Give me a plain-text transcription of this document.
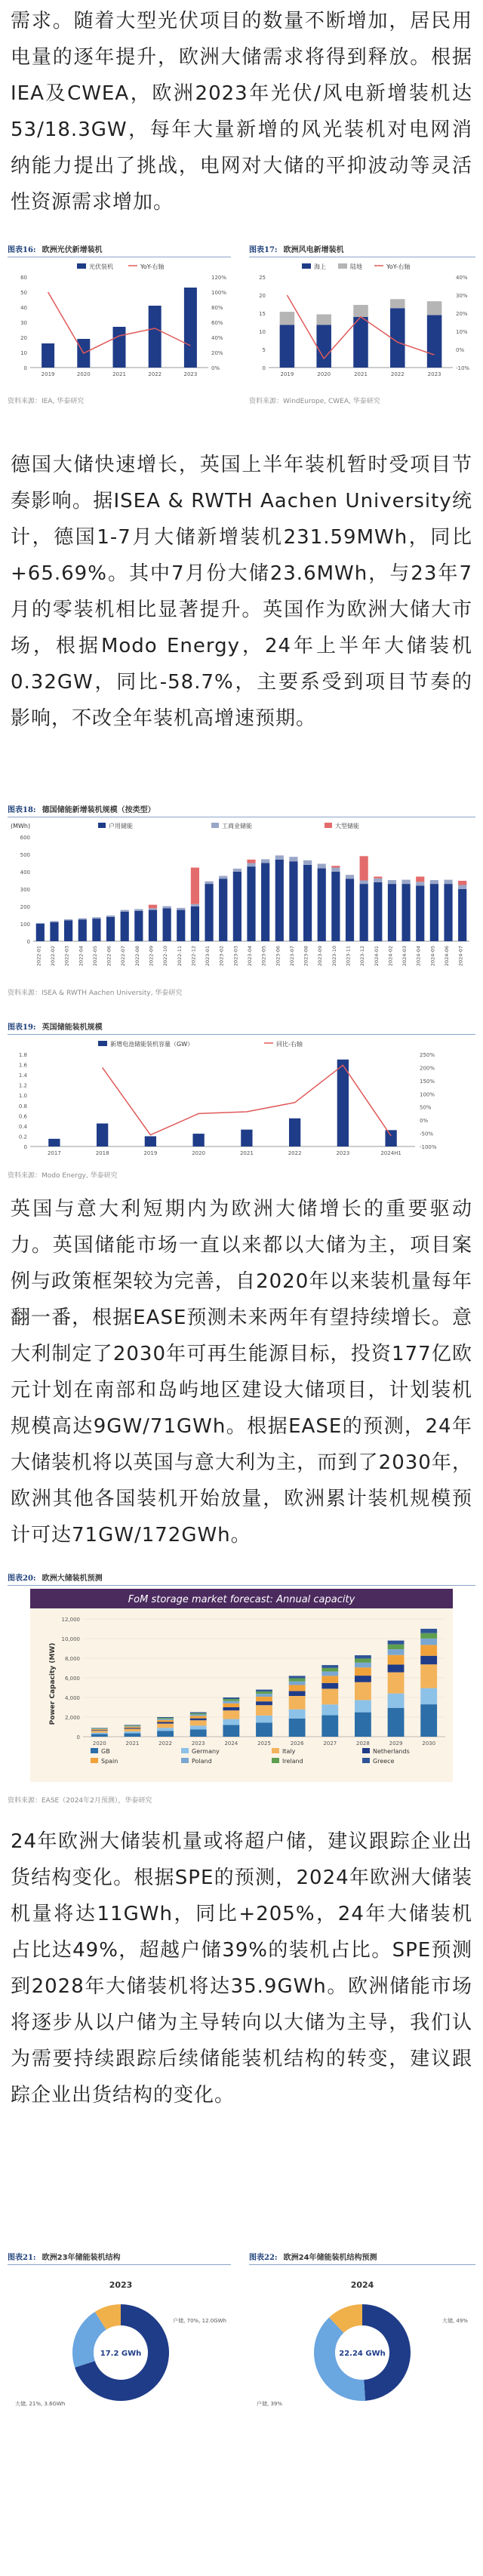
需求。随着大型光伏项目的数量不断增加，居民用电量的逐年提升，欧洲大储需求将得到释放。根据IEA及CWEA，欧洲2023年光伏/风电新增装机达53/18.3GW，每年大量新增的风光装机对电网消纳能力提出了挑战，电网对大储的平抑波动等灵活性资源需求增加。
图表16: 欧洲光伏新增装机
光伏装机	YoY-右轴
0
10
20
30
40
50
60
0%
20%
40%
60%
80%
100%
120%
2019	2020	2021	2022	2023
资料来源：IEA, 华泰研究
图表17: 欧洲风电新增装机
海上	陆地	YoY-右轴
0
5
10
15
20
25
-10%
0%
10%
20%
30%
40%
2019	2020	2021	2022	2023
资料来源：WindEurope, CWEA, 华泰研究
德国大储快速增长，英国上半年装机暂时受项目节奏影响。据ISEA & RWTH Aachen University统计，德国1-7月大储新增装机231.59MWh，同比+65.69%。其中7月份大储23.6MWh，与23年7月的零装机相比显著提升。英国作为欧洲大储大市场，根据Modo Energy，24年上半年大储装机0.32GW，同比-58.7%，主要系受到项目节奏的影响，不改全年装机高增速预期。
图表18: 德国储能新增装机规模（按类型）
(MWh)	户用储能	工商业储能	大型储能
0
100
200
300
400
500
600
2022-01 2022-02 2022-03 2022-04 2022-05 2022-06 2022-07 2022-08 2022-09 2022-10 2022-11 2022-12 2023-01 2023-02 2023-03 2023-04 2023-05 2023-06 2023-07 2023-08 2023-09 2023-10 2023-11 2023-12 2024-01 2024-02 2024-03 2024-04 2024-05 2024-06 2024-07
资料来源：ISEA & RWTH Aachen University, 华泰研究
图表19: 英国储能装机规模
新增电池储能装机容量（GW）	同比-右轴
0
0.2
0.4
0.6
0.8
1.0
1.2
1.4
1.6
1.8
-100%
-50%
0%
50%
100%
150%
200%
250%
2017	2018	2019	2020	2021	2022	2023	2024H1
资料来源：Modo Energy, 华泰研究
英国与意大利短期内为欧洲大储增长的重要驱动力。英国储能市场一直以来都以大储为主，项目案例与政策框架较为完善，自2020年以来装机量每年翻一番，根据EASE预测未来两年有望持续增长。意大利制定了2030年可再生能源目标，投资177亿欧元计划在南部和岛屿地区建设大储项目，计划装机规模高达9GW/71GWh。根据EASE的预测，24年大储装机将以英国与意大利为主，而到了2030年，欧洲其他各国装机开始放量，欧洲累计装机规模预计可达71GW/172GWh。
图表20: 欧洲大储装机预测
FoM storage market forecast: Annual capacity
Power Capacity (MW)
0
2,000
4,000
6,000
8,000
10,000
12,000
2020	2021	2022	2023	2024	2025	2026	2027	2028	2029	2030
GB	Germany	Italy	Netherlands
Spain	Poland	Ireland	Greece
资料来源：EASE（2024年2月预测），华泰研究
24年欧洲大储装机量或将超户储，建议跟踪企业出货结构变化。根据SPE的预测，2024年欧洲大储装机量将达11GWh，同比+205%，24年大储装机占比达49%，超越户储39%的装机占比。SPE预测到2028年大储装机将达35.9GWh。欧洲储能市场将逐步从以户储为主导转向以大储为主导，我们认为需要持续跟踪后续储能装机结构的转变，建议跟踪企业出货结构的变化。
图表21: 欧洲23年储能装机结构
2023
17.2 GWh
大储, 21%, 3.6GWh
户储, 70%, 12.0GWh
图表22: 欧洲24年储能装机结构预测
2024
22.24 GWh
户储, 39%
大储, 49%
